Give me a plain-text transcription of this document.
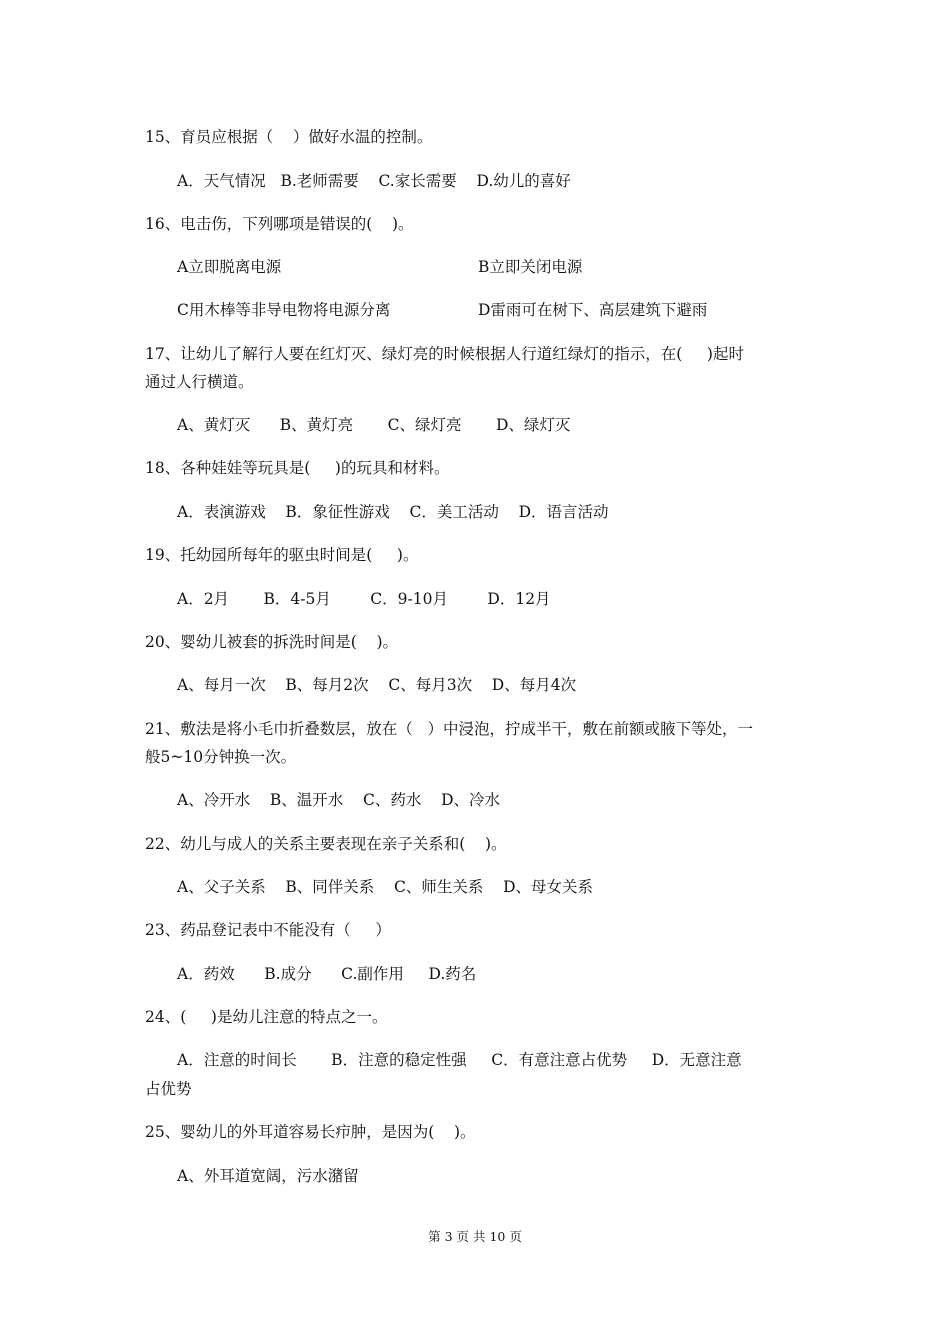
15、育员应根据（    ）做好水温的控制。

A．天气情况   B.老师需要    C.家长需要    D.幼儿的喜好

16、电击伤，下列哪项是错误的(    )。

A立即脱离电源	B立即关闭电源

C用木棒等非导电物将电源分离	D雷雨可在树下、高层建筑下避雨

17、让幼儿了解行人要在红灯灭、绿灯亮的时候根据人行道红绿灯的指示，在(     )起时

通过人行横道。

A、黄灯灭      B、黄灯亮       C、绿灯亮       D、绿灯灭

18、各种娃娃等玩具是(     )的玩具和材料。

A．表演游戏    B．象征性游戏    C．美工活动    D．语言活动

19、托幼园所每年的驱虫时间是(     )。

A．2月       B．4-5月        C．9-10月        D．12月

20、婴幼儿被套的拆洗时间是(    )。

A、每月一次    B、每月2次    C、每月3次    D、每月4次

21、敷法是将小毛巾折叠数层，放在（   ）中浸泡，拧成半干，敷在前额或腋下等处，一

般5~10分钟换一次。

A、冷开水    B、温开水    C、药水    D、冷水

22、幼儿与成人的关系主要表现在亲子关系和(    )。

A、父子关系    B、同伴关系    C、师生关系    D、母女关系

23、药品登记表中不能没有（     ）

A．药效      B.成分      C.副作用     D.药名

24、(     )是幼儿注意的特点之一。

A．注意的时间长       B．注意的稳定性强     C．有意注意占优势     D．无意注意

占优势

25、婴幼儿的外耳道容易长疖肿，是因为(    )。

A、外耳道宽阔，污水潴留

第 3 页 共 10 页
